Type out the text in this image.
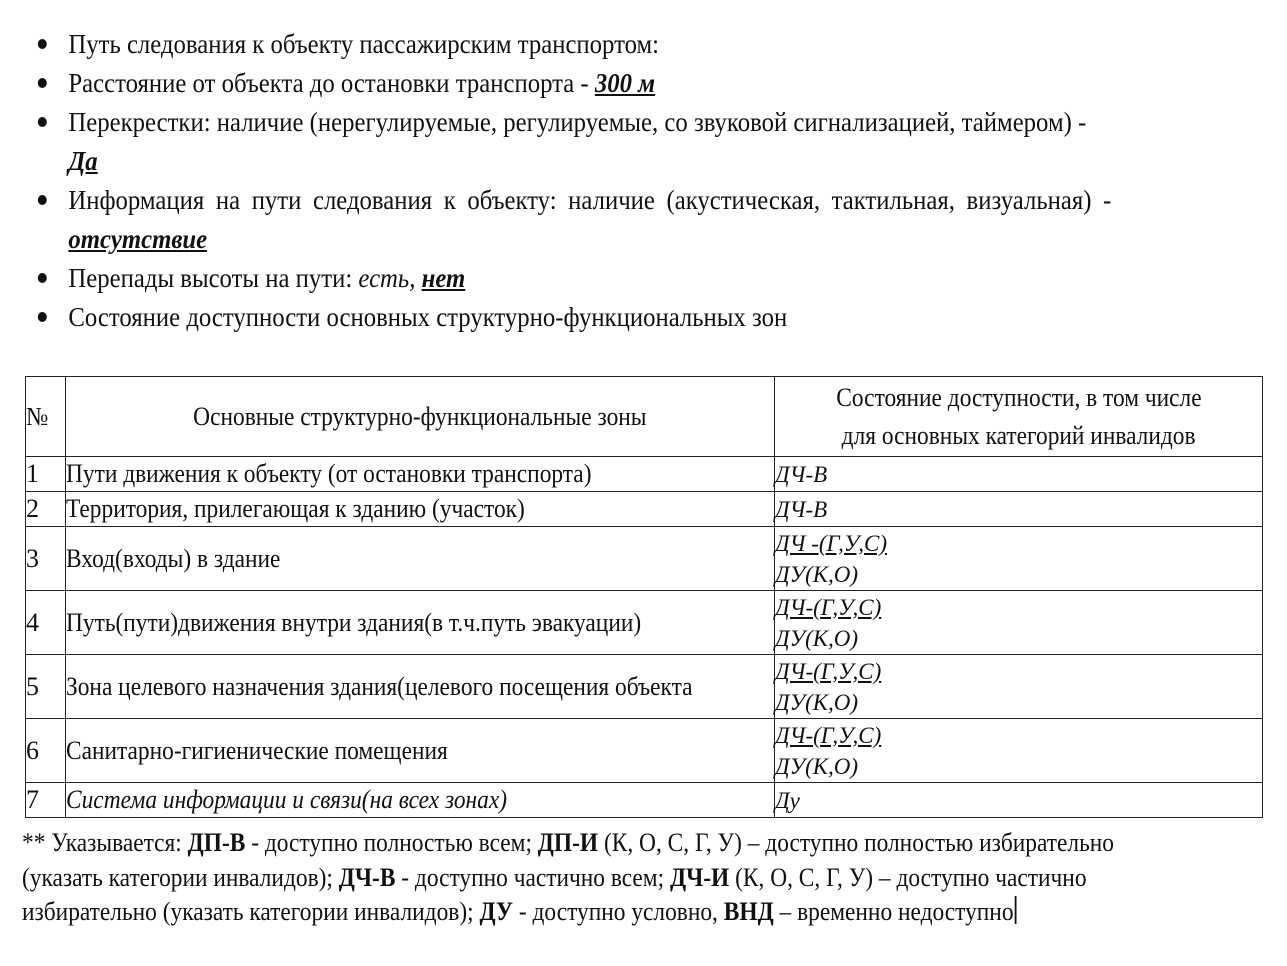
Путь следования к объекту пассажирским транспортом:
Расстояние от объекта до остановки транспорта - 300 м
Перекрестки: наличие (нерегулируемые, регулируемые, со звуковой сигнализацией, таймером) -
Да
Информация на пути следования к объекту: наличие (акустическая, тактильная, визуальная) -
отсутствие
Перепады высоты на пути: есть, нет
Состояние доступности основных структурно-функциональных зон
№	Основные структурно-функциональные зоны	Состояние доступности, в том числе
для основных категорий инвалидов
1	Пути движения к объекту (от остановки транспорта)	ДЧ-В
2	Территория, прилегающая к зданию (участок)	ДЧ-В
3	Вход(входы) в здание	ДЧ -(Г,У,С)
ДУ(К,О)
4	Путь(пути)движения внутри здания(в т.ч.путь эвакуации)	ДЧ-(Г,У,С)
ДУ(К,О)
5	Зона целевого назначения здания(целевого посещения объекта	ДЧ-(Г,У,С)
ДУ(К,О)
6	Санитарно-гигиенические помещения	ДЧ-(Г,У,С)
ДУ(К,О)
7	Система информации и связи(на всех зонах)	Ду
** Указывается: ДП-В - доступно полностью всем; ДП-И (К, О, С, Г, У) – доступно полностью избирательно
(указать категории инвалидов); ДЧ-В - доступно частично всем; ДЧ-И (К, О, С, Г, У) – доступно частично
избирательно (указать категории инвалидов); ДУ - доступно условно, ВНД – временно недоступно
